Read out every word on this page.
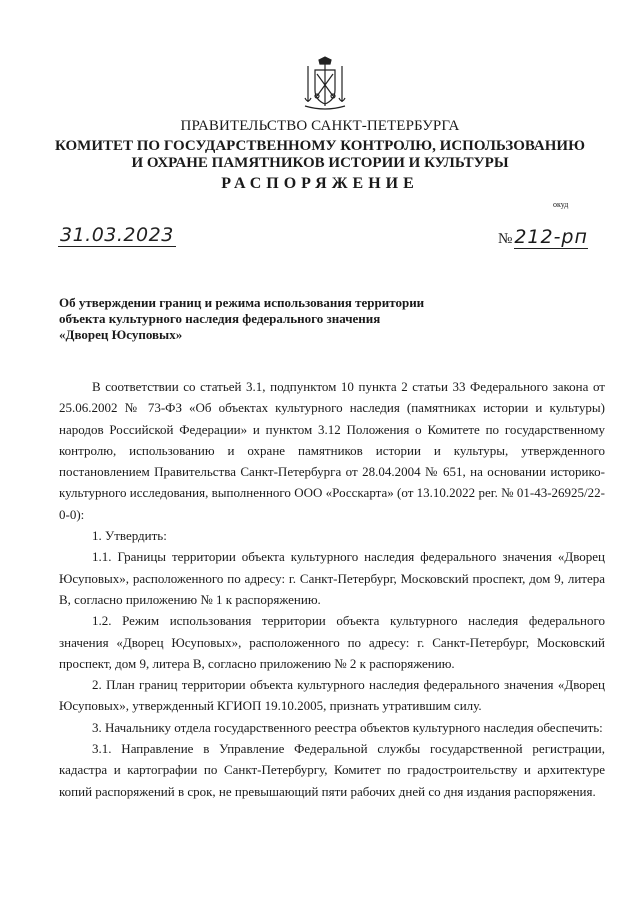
ПРАВИТЕЛЬСТВО САНКТ-ПЕТЕРБУРГА
КОМИТЕТ ПО ГОСУДАРСТВЕННОМУ КОНТРОЛЮ, ИСПОЛЬЗОВАНИЮ
И ОХРАНЕ ПАМЯТНИКОВ ИСТОРИИ И КУЛЬТУРЫ
РАСПОРЯЖЕНИЕ
окуд
31.03.2023	№ 212-рп
Об утверждении границ и режима использования территории
объекта культурного наследия федерального значения
«Дворец Юсуповых»

В соответствии со статьей 3.1, подпунктом 10 пункта 2 статьи 33 Федерального закона от 25.06.2002 № 73-ФЗ «Об объектах культурного наследия (памятниках истории и культуры) народов Российской Федерации» и пунктом 3.12 Положения о Комитете по государственному контролю, использованию и охране памятников истории и культуры, утвержденного постановлением Правительства Санкт-Петербурга от 28.04.2004 № 651, на основании историко-культурного исследования, выполненного ООО «Росскарта» (от 13.10.2022 рег. № 01-43-26925/22-0-0):

1. Утвердить:

1.1. Границы территории объекта культурного наследия федерального значения «Дворец Юсуповых», расположенного по адресу: г. Санкт-Петербург, Московский проспект, дом 9, литера В, согласно приложению № 1 к распоряжению.

1.2. Режим использования территории объекта культурного наследия федерального значения «Дворец Юсуповых», расположенного по адресу: г. Санкт-Петербург, Московский проспект, дом 9, литера В, согласно приложению № 2 к распоряжению.

2. План границ территории объекта культурного наследия федерального значения «Дворец Юсуповых», утвержденный КГИОП 19.10.2005, признать утратившим силу.

3. Начальнику отдела государственного реестра объектов культурного наследия обеспечить:

3.1. Направление в Управление Федеральной службы государственной регистрации, кадастра и картографии по Санкт-Петербургу, Комитет по градостроительству и архитектуре копий распоряжений в срок, не превышающий пяти рабочих дней со дня издания распоряжения.
